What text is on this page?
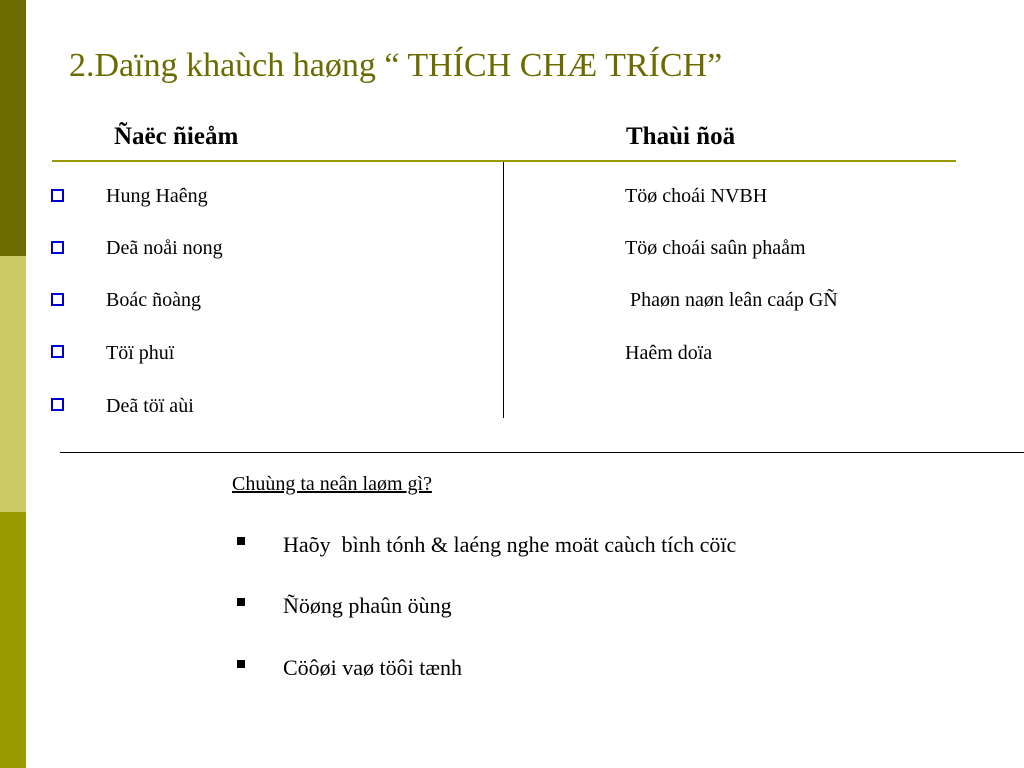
2.Daïng khaùch haøng “ THÍCH CHÆ TRÍCH”
Ñaëc ñieåm	Thaùi ñoä
Hung Haêng
Deã noåi nong
Boác ñoàng
Töï phuï
Deã töï aùi
Töø choái NVBH
Töø choái saûn phaåm
Phaøn naøn leân caáp GÑ
Haêm doïa
Chuùng ta neân laøm gì?
Haõy  bình tónh & laéng nghe moät caùch tích cöïc
Ñöøng phaûn öùng
Cöôøi vaø töôi tænh
